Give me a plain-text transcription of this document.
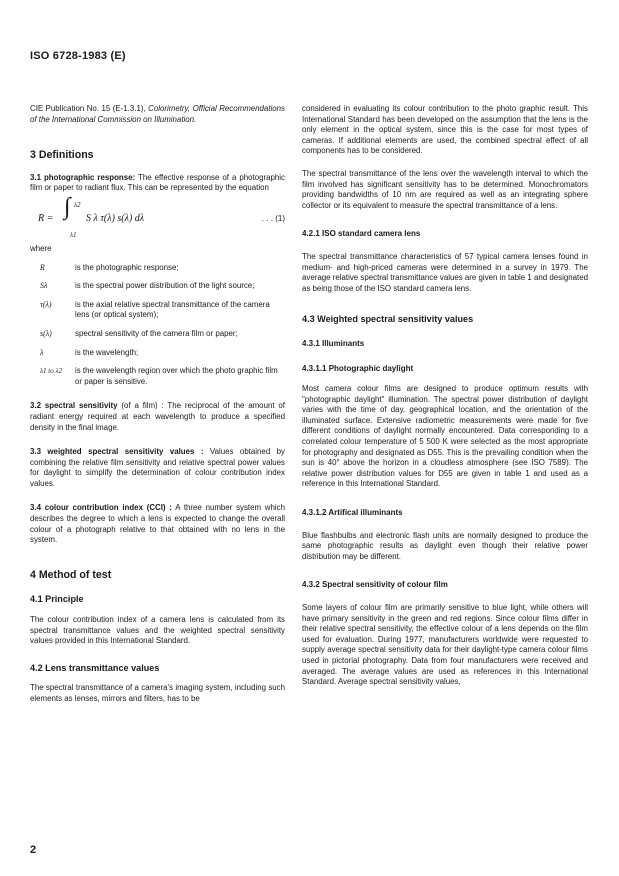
ISO 6728-1983 (E)

CIE Publication No. 15 (E-1.3.1), Colorimetry, Official Recommendations of the International Commission on Illumination.

3 Definitions

3.1 photographic response: The effective response of a photographic film or paper to radiant flux. This can be represented by the equation

R = ∫ λ2
λ1
S λ τ(λ) s(λ) dλ	. . . (1)

where

R	is the photographic response;
Sλ	is the spectral power distribution of the light source;
τ(λ)	is the axial relative spectral transmittance of the camera lens (or optical system);
s(λ)	spectral sensitivity of the camera film or paper;
λ	is the wavelength;
λ1 to λ2	is the wavelength region over which the photo graphic film or paper is sensitive.

3.2 spectral sensitivity (of a film) : The reciprocal of the amount of radiant energy required at each wavelength to produce a specified density in the final image.

3.3 weighted spectral sensitivity values : Values obtained by combining the relative film sensitivity and relative spectral power values for daylight to simplify the determination of colour contribution index values.

3.4 colour contribution index (CCI) : A three number system which describes the degree to which a lens is expected to change the overall colour of a photograph relative to that obtained with no lens in the system.

4 Method of test
4.1 Principle

The colour contribution index of a camera lens is calculated from its spectral transmittance values and the weighted spectral sensitivity values provided in this International Standard.

4.2 Lens transmittance values

The spectral transmittance of a camera's imaging system, including such elements as lenses, mirrors and filters, has to be

considered in evaluating its colour contribution to the photo graphic result. This International Standard has been developed on the assumption that the lens is the only element in the optical system, since this is the case for most types of cameras. If additional elements are used, the combined spectral effect of all components has to be considered.

The spectral transmittance of the lens over the wavelength interval to which the film involved has significant sensitivity has to be determined. Monochromators providing bandwidths of 10 nm are required as well as an integrating sphere collector or its equivalent to measure the spectral transmittance of a lens.

4.2.1 ISO standard camera lens

The spectral transmittance characteristics of 57 typical camera lenses found in medium- and high-priced cameras were determined in a survey in 1979. The average relative spectral transmittance values are given in table 1 and designated as being those of the ISO standard camera lens.

4.3 Weighted spectral sensitivity values
4.3.1 Illuminants
4.3.1.1 Photographic daylight

Most camera colour films are designed to produce optimum results with "photographic daylight" illumination. The spectral power distribution of daylight varies with the time of day, geographical location, and the orientation of the illuminated surface. Extensive radiometric measurements were made for five different conditions of daylight normally encountered. Data corresponding to a correlated colour temperature of 5 500 K were selected as the most appropriate for photography and designated as D55. This is the prevailing condition when the sun is 40° above the horizon in a cloudless atmosphere (see ISO 7589). The relative power distribution values for D55 are given in table 1 and used as a reference in this International Standard.

4.3.1.2 Artifical illuminants

Blue flashbulbs and electronic flash units are normally designed to produce the same photographic results as daylight even though their relative power distribution may be different.

4.3.2 Spectral sensitivity of colour film

Some layers of colour film are primarily sensitive to blue light, while others will have primary sensitivity in the green and red regions. Since colour films differ in their relative spectral sensitivity, the effective colour of a lens depends on the film used for evaluation. During 1977, manufacturers worldwide were requested to supply average spectral sensitivity data for their daylight-type camera colour films used in pictorial photography. Data from four manufacturers were received and averaged. The average values are used as references in this International Standard. Average spectral sensitivity values,

2
